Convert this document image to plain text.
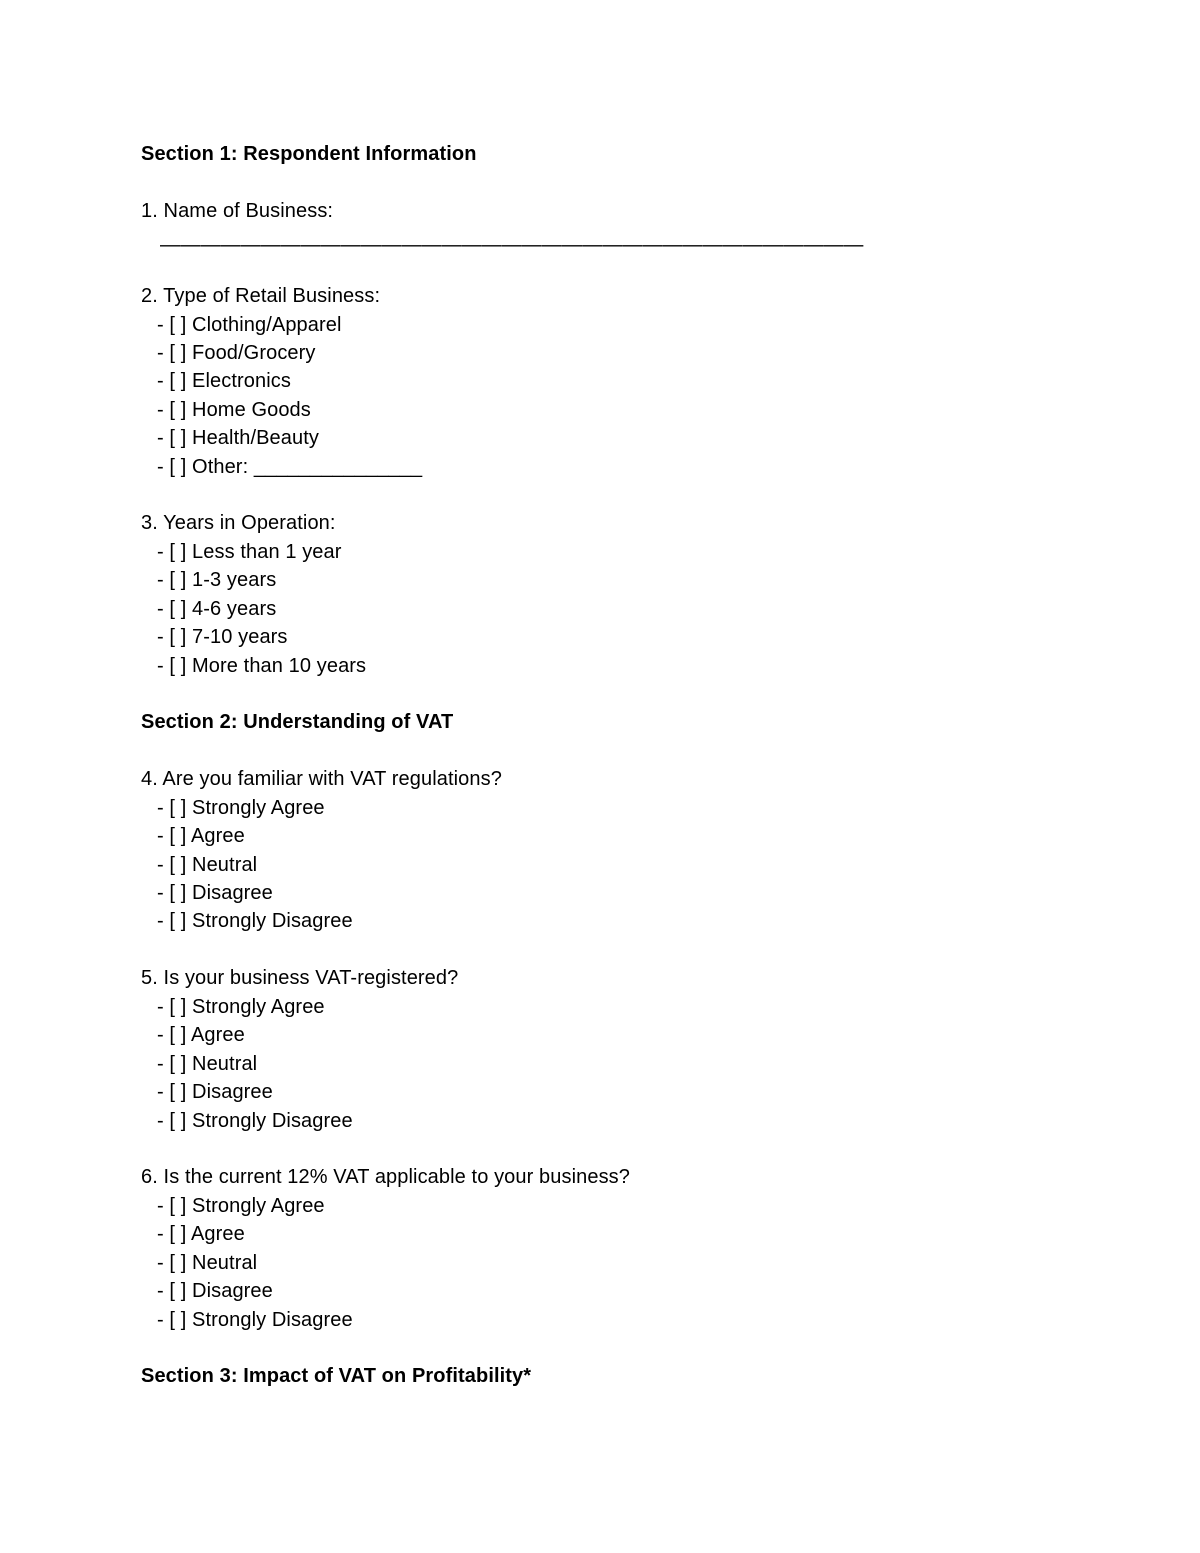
Section 1: Respondent Information
1. Name of Business:
———————————————————————————————————
2. Type of Retail Business:
- [ ] Clothing/Apparel
- [ ] Food/Grocery
- [ ] Electronics
- [ ] Home Goods
- [ ] Health/Beauty
- [ ] Other: _______________
3. Years in Operation:
- [ ] Less than 1 year
- [ ] 1-3 years
- [ ] 4-6 years
- [ ] 7-10 years
- [ ] More than 10 years
Section 2: Understanding of VAT
4. Are you familiar with VAT regulations?
- [ ] Strongly Agree
- [ ] Agree
- [ ] Neutral
- [ ] Disagree
- [ ] Strongly Disagree
5. Is your business VAT-registered?
- [ ] Strongly Agree
- [ ] Agree
- [ ] Neutral
- [ ] Disagree
- [ ] Strongly Disagree
6. Is the current 12% VAT applicable to your business?
- [ ] Strongly Agree
- [ ] Agree
- [ ] Neutral
- [ ] Disagree
- [ ] Strongly Disagree
Section 3: Impact of VAT on Profitability*
